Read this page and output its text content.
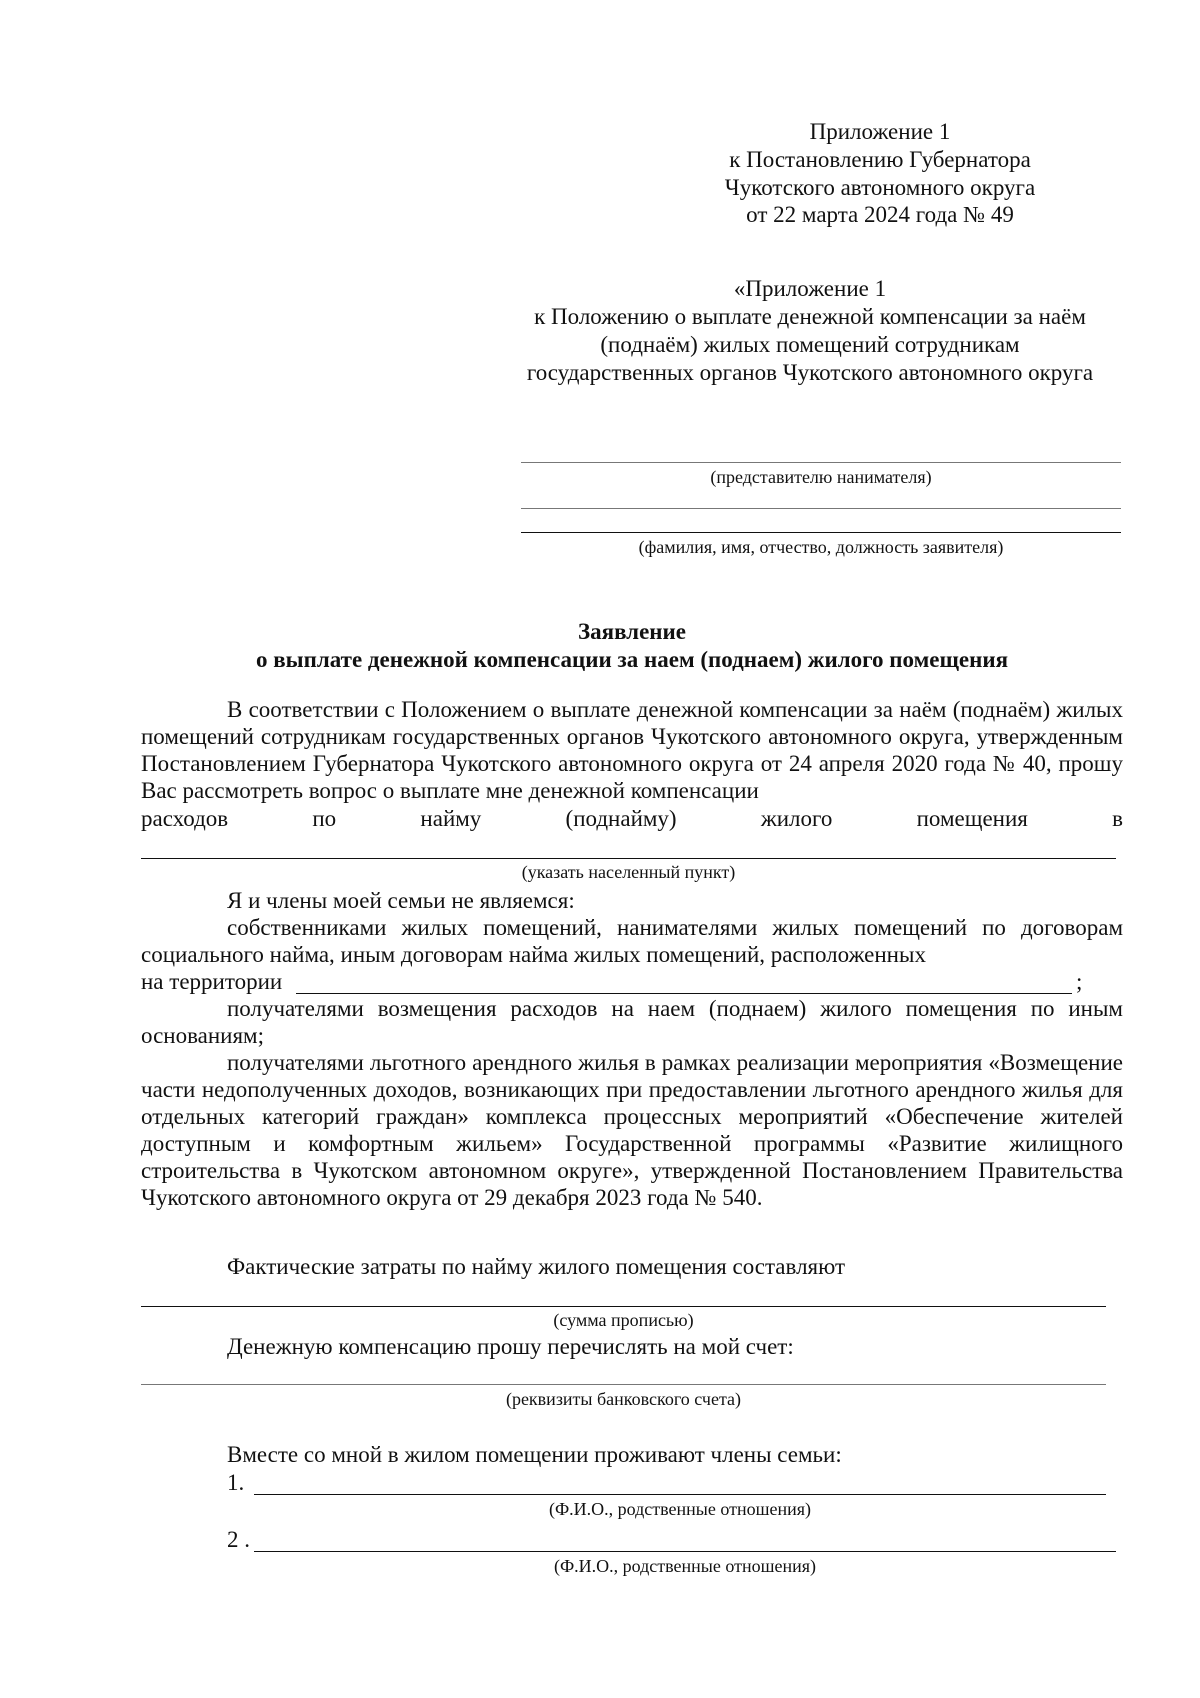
Приложение 1
к Постановлению Губернатора
Чукотского автономного округа
от 22 марта 2024 года № 49
«Приложение 1
к Положению о выплате денежной компенсации за наём
(поднаём) жилых помещений сотрудникам
государственных органов Чукотского автономного округа
(представителю нанимателя)
(фамилия, имя, отчество, должность заявителя)
Заявление
о выплате денежной компенсации за наем (поднаем) жилого помещения
В соответствии с Положением о выплате денежной компенсации за наём (поднаём) жилых помещений сотрудникам государственных органов Чукотского автономного округа, утвержденным Постановлением Губернатора Чукотского автономного округа от 24 апреля 2020 года № 40, прошу Вас рассмотреть вопрос о выплате мне денежной компенсации
расходов	по	найму	(поднайму)	жилого	помещения	в
(указать населенный пункт)
Я и члены моей семьи не являемся:
собственниками жилых помещений, нанимателями жилых помещений по договорам социального найма, иным договорам найма жилых помещений, расположенных
на территории	;
получателями возмещения расходов на наем (поднаем) жилого помещения по иным основаниям;
получателями льготного арендного жилья в рамках реализации мероприятия «Возмещение части недополученных доходов, возникающих при предоставлении льготного арендного жилья для отдельных категорий граждан» комплекса процессных мероприятий «Обеспечение жителей доступным и комфортным жильем» Государственной программы «Развитие жилищного строительства в Чукотском автономном округе», утвержденной Постановлением Правительства Чукотского автономного округа от 29 декабря 2023 года № 540.
Фактические затраты по найму жилого помещения составляют
(сумма прописью)
Денежную компенсацию прошу перечислять на мой счет:
(реквизиты банковского счета)
Вместе со мной в жилом помещении проживают члены семьи:
1.
(Ф.И.О., родственные отношения)
2 .
(Ф.И.О., родственные отношения)
